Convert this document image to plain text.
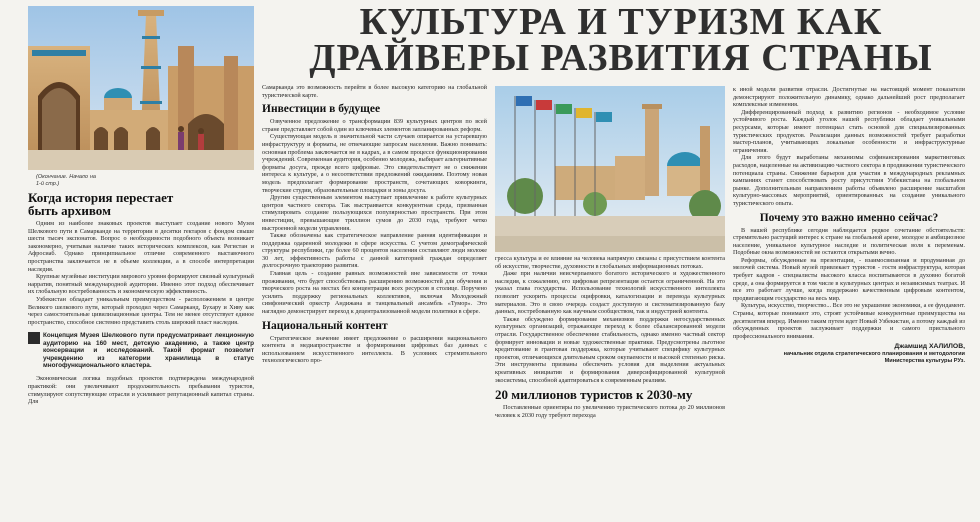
КУЛЬТУРА И ТУРИЗМ КАК
ДРАЙВЕРЫ РАЗВИТИЯ СТРАНЫ
(Окончание. Начало на 1-й стр.)
Когда история перестает
быть архивом

Одним из наиболее знаковых проектов выступает создание нового Музея Шелкового пути в Самарканде на территории в десятки гектаров с фондом свыше шести тысяч экспонатов. Вопрос о необходимости подобного объекта возникает закономерно, учитывая наличие таких исторических комплексов, как Регистан и Афросиаб. Однако принципиальное отличие современного выставочного пространства заключается не в объеме коллекции, а в способе интерпретации наследия.

Крупные музейные институции мирового уровня формируют связный культурный нарратив, понятный международной аудитории. Именно этот подход обеспечивает их глобальную востребованность и экономическую эффективность.

Узбекистан обладает уникальным преимуществом - расположением в центре Великого шелкового пути, который проходил через Самарканд, Бухару и Хиву как через самостоятельные цивилизационные центры. Тем не менее отсутствует единое пространство, способное системно представить столь широкий пласт наследия.

Концепция Музея Шелкового пути предусматривает лекционную аудиторию на 160 мест, детскую академию, а также центр консервации и исследований. Такой формат позволит учреждению из категории хранилища в статус многофункционального кластера.

Экономическая логика подобных проектов подтверждена международной практикой: они увеличивают продолжительность пребывания туристов, стимулируют сопутствующие отрасли и усиливают репутационный капитал страны. Для

Самарканда это возможность перейти в более высокую категорию на глобальной туристической карте.

Инвестиции в будущее

Озвученное предложение о трансформации 839 культурных центров по всей стране представляет собой один из ключевых элементов запланированных реформ.

Существующая модель в значительной части случаев опирается на устаревшую инфраструктуру и форматы, не отвечающие запросам населения. Важно понимать: основная проблема заключается не в кадрах, а в самом процессе функционирования учреждений. Современная аудитория, особенно молодежь, выбирает альтернативные форматы досуга, прежде всего цифровые. Это свидетельствует не о снижении интереса к культуре, а о несоответствии предложений ожиданиям. Поэтому новая модель предполагает формирование пространств, сочетающих коворкинги, творческие студии, образовательные площадки и зоны досуга.

Другим существенным элементом выступает привлечение к работе культурных центров частного сектора. Так выстраивается конкурентная среда, призванная стимулировать создание пользующихся популярностью пространств. При этом инвестиции, превышающие триллион сумов до 2030 года, требуют четко выстроенной модели управления.

Также обозначены как стратегическое направление ранняя идентификация и поддержка одаренной молодежи в сфере искусства. С учетом демографической структуры республики, где более 60 процентов населения составляют люди моложе 30 лет, эффективность работы с данной категорией граждан определяет долгосрочную траекторию развития.

Главная цель - создание равных возможностей вне зависимости от точки проживания, что будет способствовать расширению возможностей для обучения и творческого роста на местах без концентрации всех ресурсов в столице. Поручено усилить поддержку региональных коллективов, включая Молодежный симфонический оркестр Андижана и танцевальный ансамбль «Тумор». Это наглядно демонстрирует переход к децентрализованной модели политики в сфере.

Национальный контент

Стратегическое значение имеет предложение о расширении национального контента в медиапространстве и формировании цифровых баз данных с использованием искусственного интеллекта. В условиях стремительного технологического про-

гресса культура и ее влияние на человека напрямую связаны с присутствием контента об искусстве, творчестве, духовности в глобальных информационных потоках.

Даже при наличии неисчерпаемого богатого исторического и художественного наследия, к сожалению, его цифровая репрезентация остается ограниченной. На это указал глава государства. Использование технологий искусственного интеллекта позволит ускорить процессы оцифровки, каталогизации и перевода культурных материалов. Это в свою очередь создаст доступную и систематизированную базу данных, востребованную как научным сообществом, так и индустрией контента.

Также обсуждено формирование механизмов поддержки негосударственных культурных организаций, отражающее переход к более сбалансированной модели отрасли. Государственное обеспечение стабильность, однако именно частный сектор формирует инновации и новые художественные практики. Предусмотрены льготное кредитование и грантовая поддержка, которые учитывают специфику культурных проектов, отличающихся длительным сроком окупаемости и высокой степенью риска. Эти инструменты призваны обеспечить условия для выделения актуальных креативных инициатив и формирования диверсифицированной культурной экосистемы, способной адаптироваться к современным реалиям.

20 миллионов туристов к 2030-му

Поставленные ориентиры по увеличению туристического потока до 20 миллионов человек к 2030 году требуют перехода

к иной модели развития отрасли. Достигнутые на настоящий момент показатели демонстрируют положительную динамику, однако дальнейший рост предполагает комплексные изменения.

Дифференцированный подход к развитию регионов - необходимое условие устойчивого роста. Каждый уголок нашей республики обладает уникальными ресурсами, которые имеют потенциал стать основой для специализированных туристических продуктов. Реализация данных возможностей требует разработки мастер-планов, учитывающих локальные особенности и инфраструктурные ограничения.

Для этого будут выработаны механизмы софинансирования маркетинговых расходов, нацеленные на активизацию частного сектора в продвижении туристического потенциала страны. Снижение барьеров для участия в международных рекламных кампаниях станет способствовать росту присутствия Узбекистана на глобальном рынке. Дополнительным направлением работы объявлено расширение масштабов культурно-массовых мероприятий, ориентированных на создание уникального туристического опыта.

Почему это важно именно сейчас?

В нашей республике сегодня наблюдается редкое сочетание обстоятельств: стремительно растущий интерес к стране на глобальной арене, молодое и амбициозное население, уникальное культурное наследие и политическая воля к переменам. Подобные окна возможностей не остаются открытыми вечно.

Реформы, обсужденные на презентации, - взаимосвязанная и продуманная до мелочей система. Новый музей привлекает туристов - гостя инфраструктура, которая требует кадров - специалисты высокого класса воспитываются в духовно богатой среде, а она формируется в том числе в культурных центрах и независимых театрах. И все это работает лучше, когда поддержано качественным цифровым контентом, продвигающим государство на весь мир.

Культура, искусство, творчество... Все это не украшение экономики, а ее фундамент. Страны, которые понимают это, строят устойчивые конкурентные преимущества на десятилетия вперед. Именно таким путем идет Новый Узбекистан, а потому каждый из обсужденных проектов заслуживает поддержки и самого пристального профессионального внимания.

Джамшид ХАЛИЛОВ,
начальник отдела стратегического планирования и методологии
Министерства культуры РУз.
